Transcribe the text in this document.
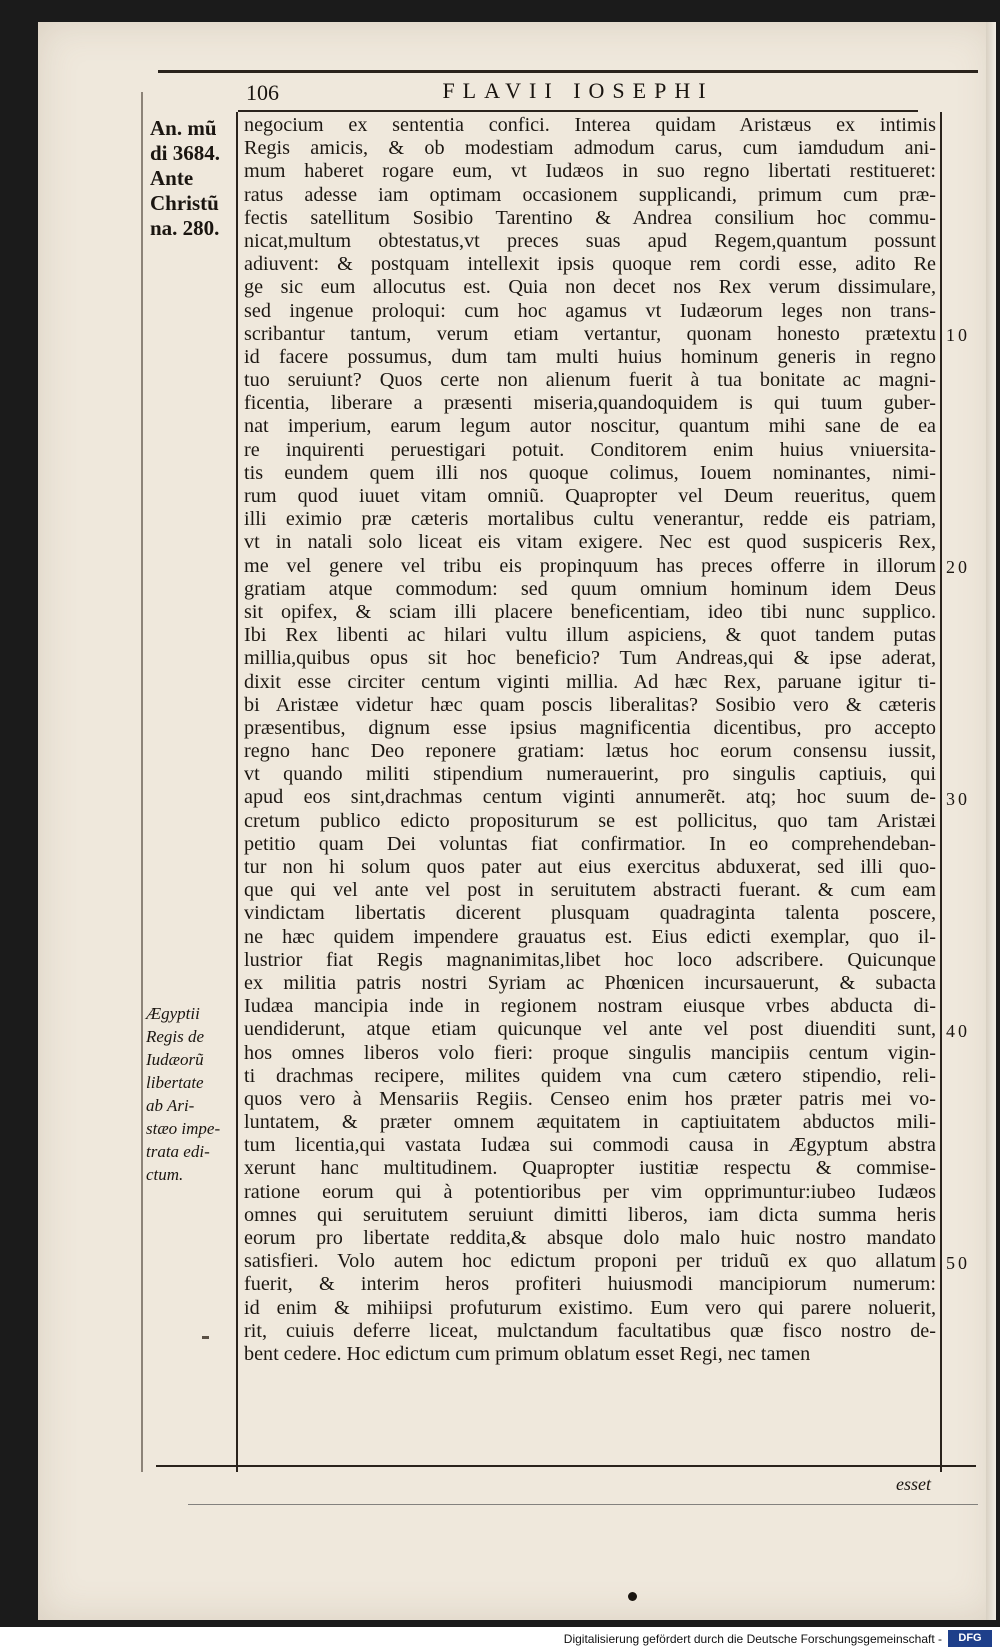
106	FLAVII IOSEPHI
An. mũ
di 3684.
Ante
Christũ
na. 280.
Ægyptii
Regis de
Iudæorũ
libertate
ab Ari-
stæo impe-
trata edi-
ctum.
negocium ex sententia confici. Interea quidam Aristæus ex intimis
Regis amicis, & ob modestiam admodum carus, cum iamdudum ani-
mum haberet rogare eum, vt Iudæos in suo regno libertati restitueret:
ratus adesse iam optimam occasionem supplicandi, primum cum præ-
fectis satellitum Sosibio Tarentino & Andrea consilium hoc commu-
nicat,multum obtestatus,vt preces suas apud Regem,quantum possunt
adiuvent: & postquam intellexit ipsis quoque rem cordi esse, adito Re
ge sic eum allocutus est. Quia non decet nos Rex verum dissimulare,
sed ingenue proloqui: cum hoc agamus vt Iudæorum leges non trans-
scribantur tantum, verum etiam vertantur, quonam honesto prætextu
id facere possumus, dum tam multi huius hominum generis in regno
tuo seruiunt? Quos certe non alienum fuerit à tua bonitate ac magni-
ficentia, liberare a præsenti miseria,quandoquidem is qui tuum guber-
nat imperium, earum legum autor noscitur, quantum mihi sane de ea
re inquirenti peruestigari potuit. Conditorem enim huius vniuersita-
tis eundem quem illi nos quoque colimus, Iouem nominantes, nimi-
rum quod iuuet vitam omniũ. Quapropter vel Deum reueritus, quem
illi eximio præ cæteris mortalibus cultu venerantur, redde eis patriam,
vt in natali solo liceat eis vitam exigere. Nec est quod suspiceris Rex,
me vel genere vel tribu eis propinquum has preces offerre in illorum
gratiam atque commodum: sed quum omnium hominum idem Deus
sit opifex, & sciam illi placere beneficentiam, ideo tibi nunc supplico.
Ibi Rex libenti ac hilari vultu illum aspiciens, & quot tandem putas
millia,quibus opus sit hoc beneficio? Tum Andreas,qui & ipse aderat,
dixit esse circiter centum viginti millia. Ad hæc Rex, paruane igitur ti-
bi Aristæe videtur hæc quam poscis liberalitas? Sosibio vero & cæteris
præsentibus, dignum esse ipsius magnificentia dicentibus, pro accepto
regno hanc Deo reponere gratiam: lætus hoc eorum consensu iussit,
vt quando militi stipendium numerauerint, pro singulis captiuis, qui
apud eos sint,drachmas centum viginti annumerẽt. atq; hoc suum de-
cretum publico edicto propositurum se est pollicitus, quo tam Aristæi
petitio quam Dei voluntas fiat confirmatior. In eo comprehendeban-
tur non hi solum quos pater aut eius exercitus abduxerat, sed illi quo-
que qui vel ante vel post in seruitutem abstracti fuerant. & cum eam
vindictam libertatis dicerent plusquam quadraginta talenta poscere,
ne hæc quidem impendere grauatus est. Eius edicti exemplar, quo il-
lustrior fiat Regis magnanimitas,libet hoc loco adscribere. Quicunque
ex militia patris nostri Syriam ac Phœnicen incursauerunt, & subacta
Iudæa mancipia inde in regionem nostram eiusque vrbes abducta di-
uendiderunt, atque etiam quicunque vel ante vel post diuenditi sunt,
hos omnes liberos volo fieri: proque singulis mancipiis centum vigin-
ti drachmas recipere, milites quidem vna cum cætero stipendio, reli-
quos vero à Mensariis Regiis. Censeo enim hos præter patris mei vo-
luntatem, & præter omnem æquitatem in captiuitatem abductos mili-
tum licentia,qui vastata Iudæa sui commodi causa in Ægyptum abstra
xerunt hanc multitudinem. Quapropter iustitiæ respectu & commise-
ratione eorum qui à potentioribus per vim opprimuntur:iubeo Iudæos
omnes qui seruitutem seruiunt dimitti liberos, iam dicta summa heris
eorum pro libertate reddita,& absque dolo malo huic nostro mandato
satisfieri. Volo autem hoc edictum proponi per triduũ ex quo allatum
fuerit, & interim heros profiteri huiusmodi mancipiorum numerum:
id enim & mihiipsi profuturum existimo. Eum vero qui parere noluerit,
rit, cuiuis deferre liceat, mulctandum facultatibus quæ fisco nostro de-
bent cedere. Hoc edictum cum primum oblatum esset Regi, nec tamen
10
20
30
40
50
esset
Digitalisierung gefördert durch die Deutsche Forschungsgemeinschaft -	DFG
